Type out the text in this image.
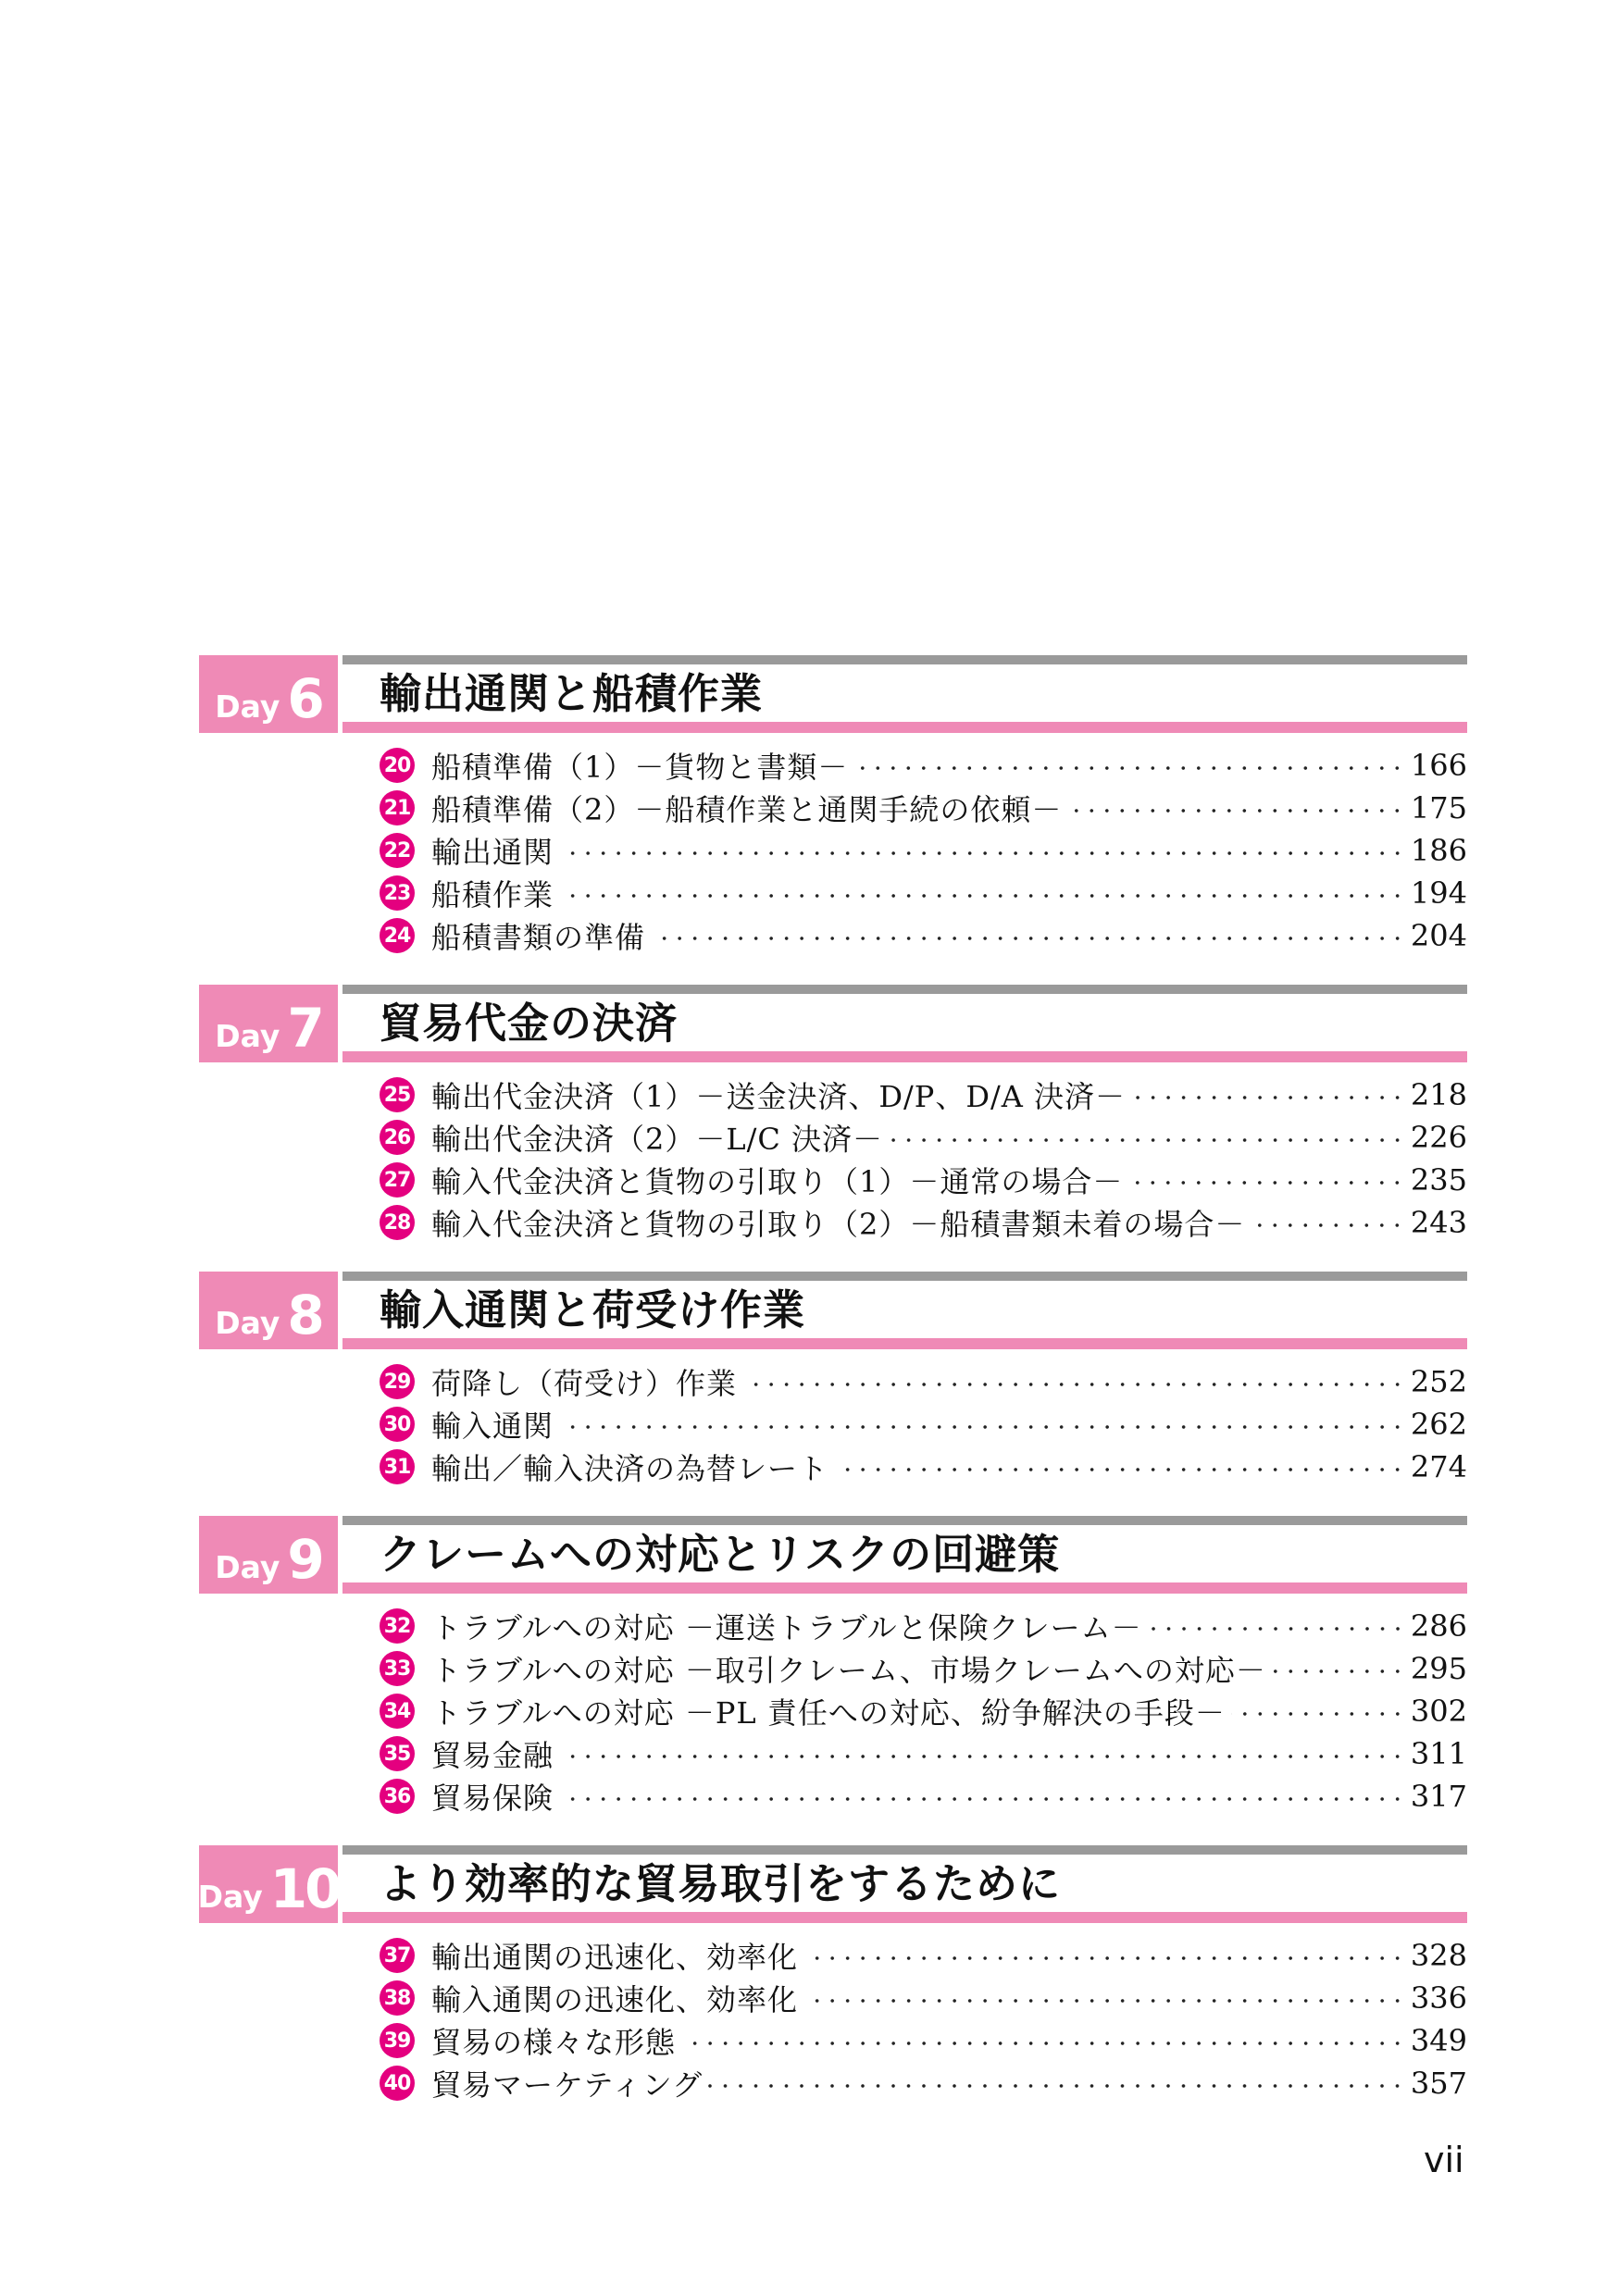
Day 6 輸出通関と船積作業
20 船積準備（1）－貨物と書類－	166
21 船積準備（2）－船積作業と通関手続の依頼－	175
22 輸出通関	186
23 船積作業	194
24 船積書類の準備	204
Day 7 貿易代金の決済
25 輸出代金決済（1）－送金決済、D/P、D/A 決済－	218
26 輸出代金決済（2）－L/C 決済－	226
27 輸入代金決済と貨物の引取り（1）－通常の場合－	235
28 輸入代金決済と貨物の引取り（2）－船積書類未着の場合－	243
Day 8 輸入通関と荷受け作業
29 荷降し（荷受け）作業	252
30 輸入通関	262
31 輸出／輸入決済の為替レート	274
Day 9 クレームへの対応とリスクの回避策
32 トラブルへの対応 －運送トラブルと保険クレーム－	286
33 トラブルへの対応 －取引クレーム、市場クレームへの対応－	295
34 トラブルへの対応 －PL 責任への対応、紛争解決の手段－	302
35 貿易金融	311
36 貿易保険	317
Day 10 より効率的な貿易取引をするために
37 輸出通関の迅速化、効率化	328
38 輸入通関の迅速化、効率化	336
39 貿易の様々な形態	349
40 貿易マーケティング	357
vii
